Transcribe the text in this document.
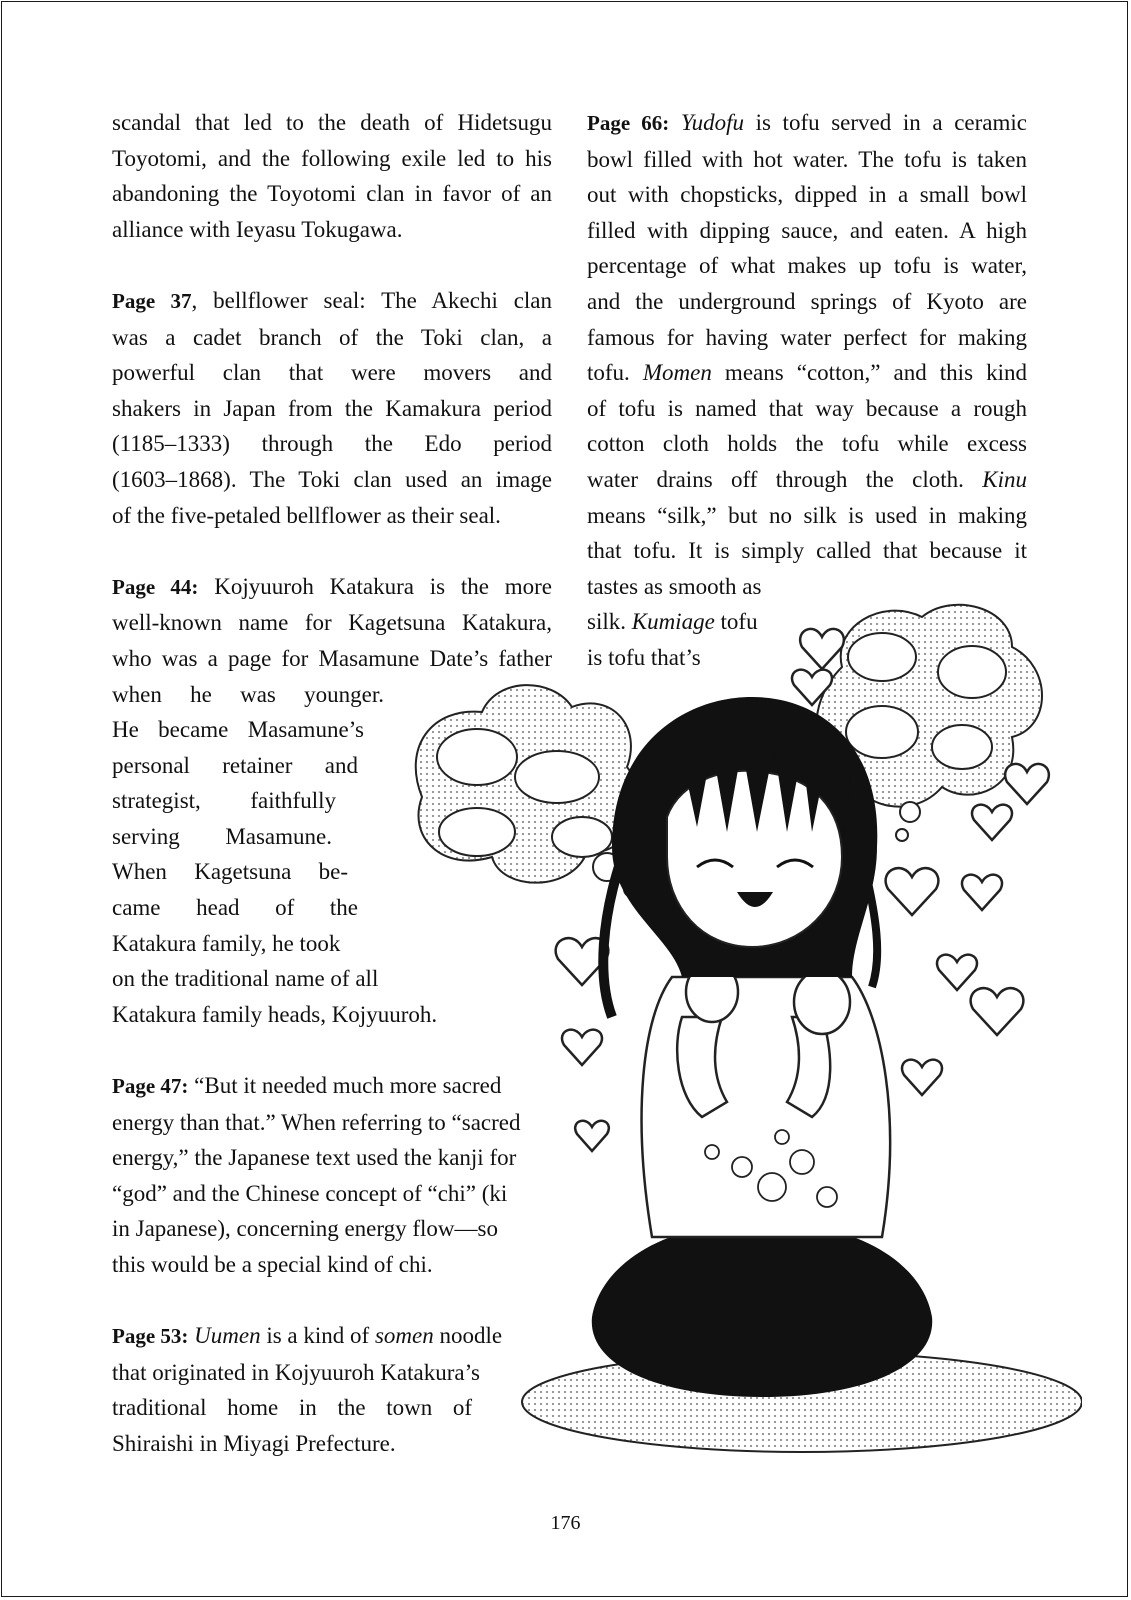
scandal that led to the death of Hidetsugu
Toyotomi, and the following exile led to his
abandoning the Toyotomi clan in favor of an
alliance with Ieyasu Tokugawa.
Page 37, bellflower seal: The Akechi clan
was a cadet branch of the Toki clan, a
powerful clan that were movers and
shakers in Japan from the Kamakura period
(1185–1333) through the Edo period
(1603–1868). The Toki clan used an image
of the five-petaled bellflower as their seal.
Page 44: Kojyuuroh Katakura is the more
well-known name for Kagetsuna Katakura,
who was a page for Masamune Date’s father
when he was younger.
He became Masamune’s
personal retainer and
strategist, faithfully
serving Masamune.
When Kagetsuna be-
came head of the
Katakura family, he took
on the traditional name of all
Katakura family heads, Kojyuuroh.
Page 47: “But it needed much more sacred
energy than that.” When referring to “sacred
energy,” the Japanese text used the kanji for
“god” and the Chinese concept of “chi” (ki
in Japanese), concerning energy flow—so
this would be a special kind of chi.
Page 53: Uumen is a kind of somen noodle
that originated in Kojyuuroh Katakura’s
traditional home in the town of
Shiraishi in Miyagi Prefecture.
Page 66: Yudofu is tofu served in a ceramic
bowl filled with hot water. The tofu is taken
out with chopsticks, dipped in a small bowl
filled with dipping sauce, and eaten. A high
percentage of what makes up tofu is water,
and the underground springs of Kyoto are
famous for having water perfect for making
tofu. Momen means “cotton,” and this kind
of tofu is named that way because a rough
cotton cloth holds the tofu while excess
water drains off through the cloth. Kinu
means “silk,” but no silk is used in making
that tofu. It is simply called that because it
tastes as smooth as
silk. Kumiage tofu
is tofu that’s
176
